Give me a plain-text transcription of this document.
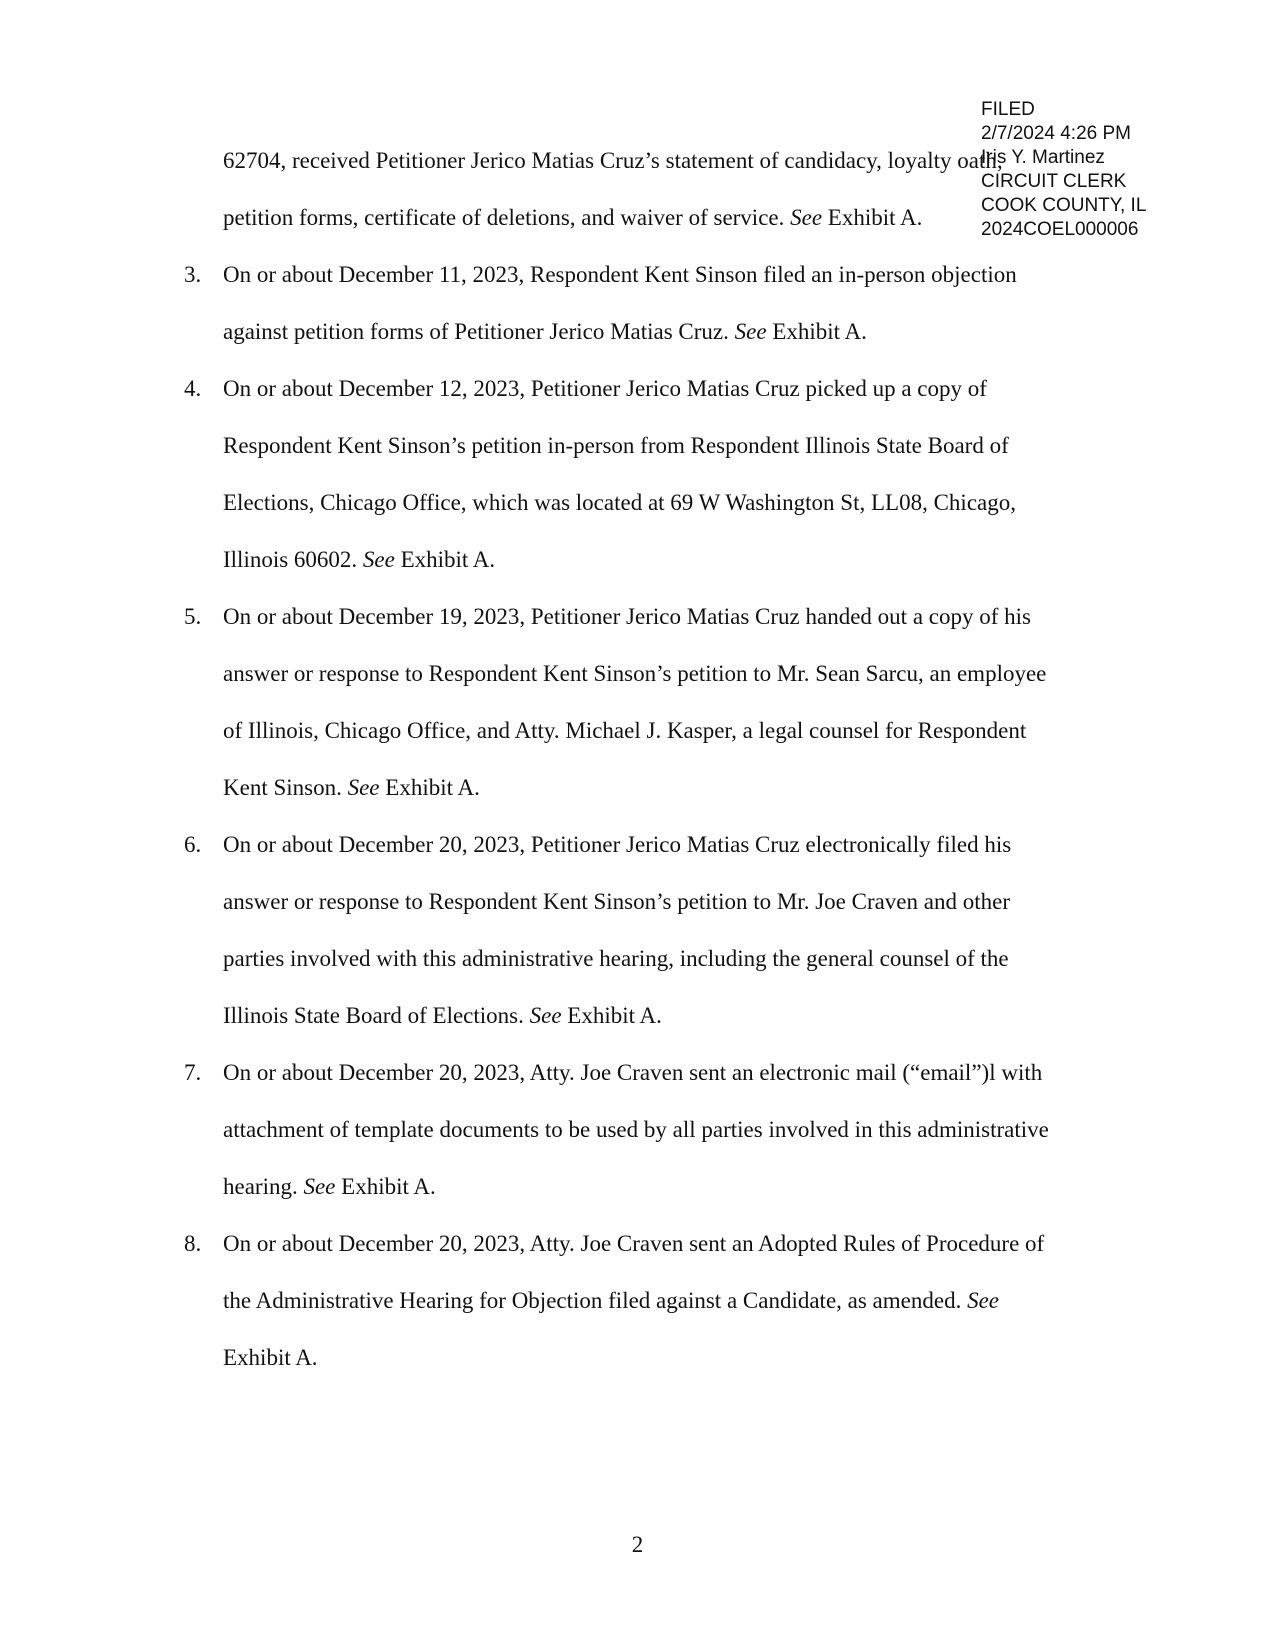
FILED
2/7/2024 4:26 PM
Iris Y. Martinez
CIRCUIT CLERK
COOK COUNTY, IL
2024COEL000006
62704, received Petitioner Jerico Matias Cruz’s statement of candidacy, loyalty oath,
petition forms, certificate of deletions, and waiver of service. See Exhibit A.
3. On or about December 11, 2023, Respondent Kent Sinson filed an in-person objection
against petition forms of Petitioner Jerico Matias Cruz. See Exhibit A.
4. On or about December 12, 2023, Petitioner Jerico Matias Cruz picked up a copy of
Respondent Kent Sinson’s petition in-person from Respondent Illinois State Board of
Elections, Chicago Office, which was located at 69 W Washington St, LL08, Chicago,
Illinois 60602. See Exhibit A.
5. On or about December 19, 2023, Petitioner Jerico Matias Cruz handed out a copy of his
answer or response to Respondent Kent Sinson’s petition to Mr. Sean Sarcu, an employee
of Illinois, Chicago Office, and Atty. Michael J. Kasper, a legal counsel for Respondent
Kent Sinson. See Exhibit A.
6. On or about December 20, 2023, Petitioner Jerico Matias Cruz electronically filed his
answer or response to Respondent Kent Sinson’s petition to Mr. Joe Craven and other
parties involved with this administrative hearing, including the general counsel of the
Illinois State Board of Elections. See Exhibit A.
7. On or about December 20, 2023, Atty. Joe Craven sent an electronic mail (“email”)l with
attachment of template documents to be used by all parties involved in this administrative
hearing. See Exhibit A.
8. On or about December 20, 2023, Atty. Joe Craven sent an Adopted Rules of Procedure of
the Administrative Hearing for Objection filed against a Candidate, as amended. See
Exhibit A.
2
